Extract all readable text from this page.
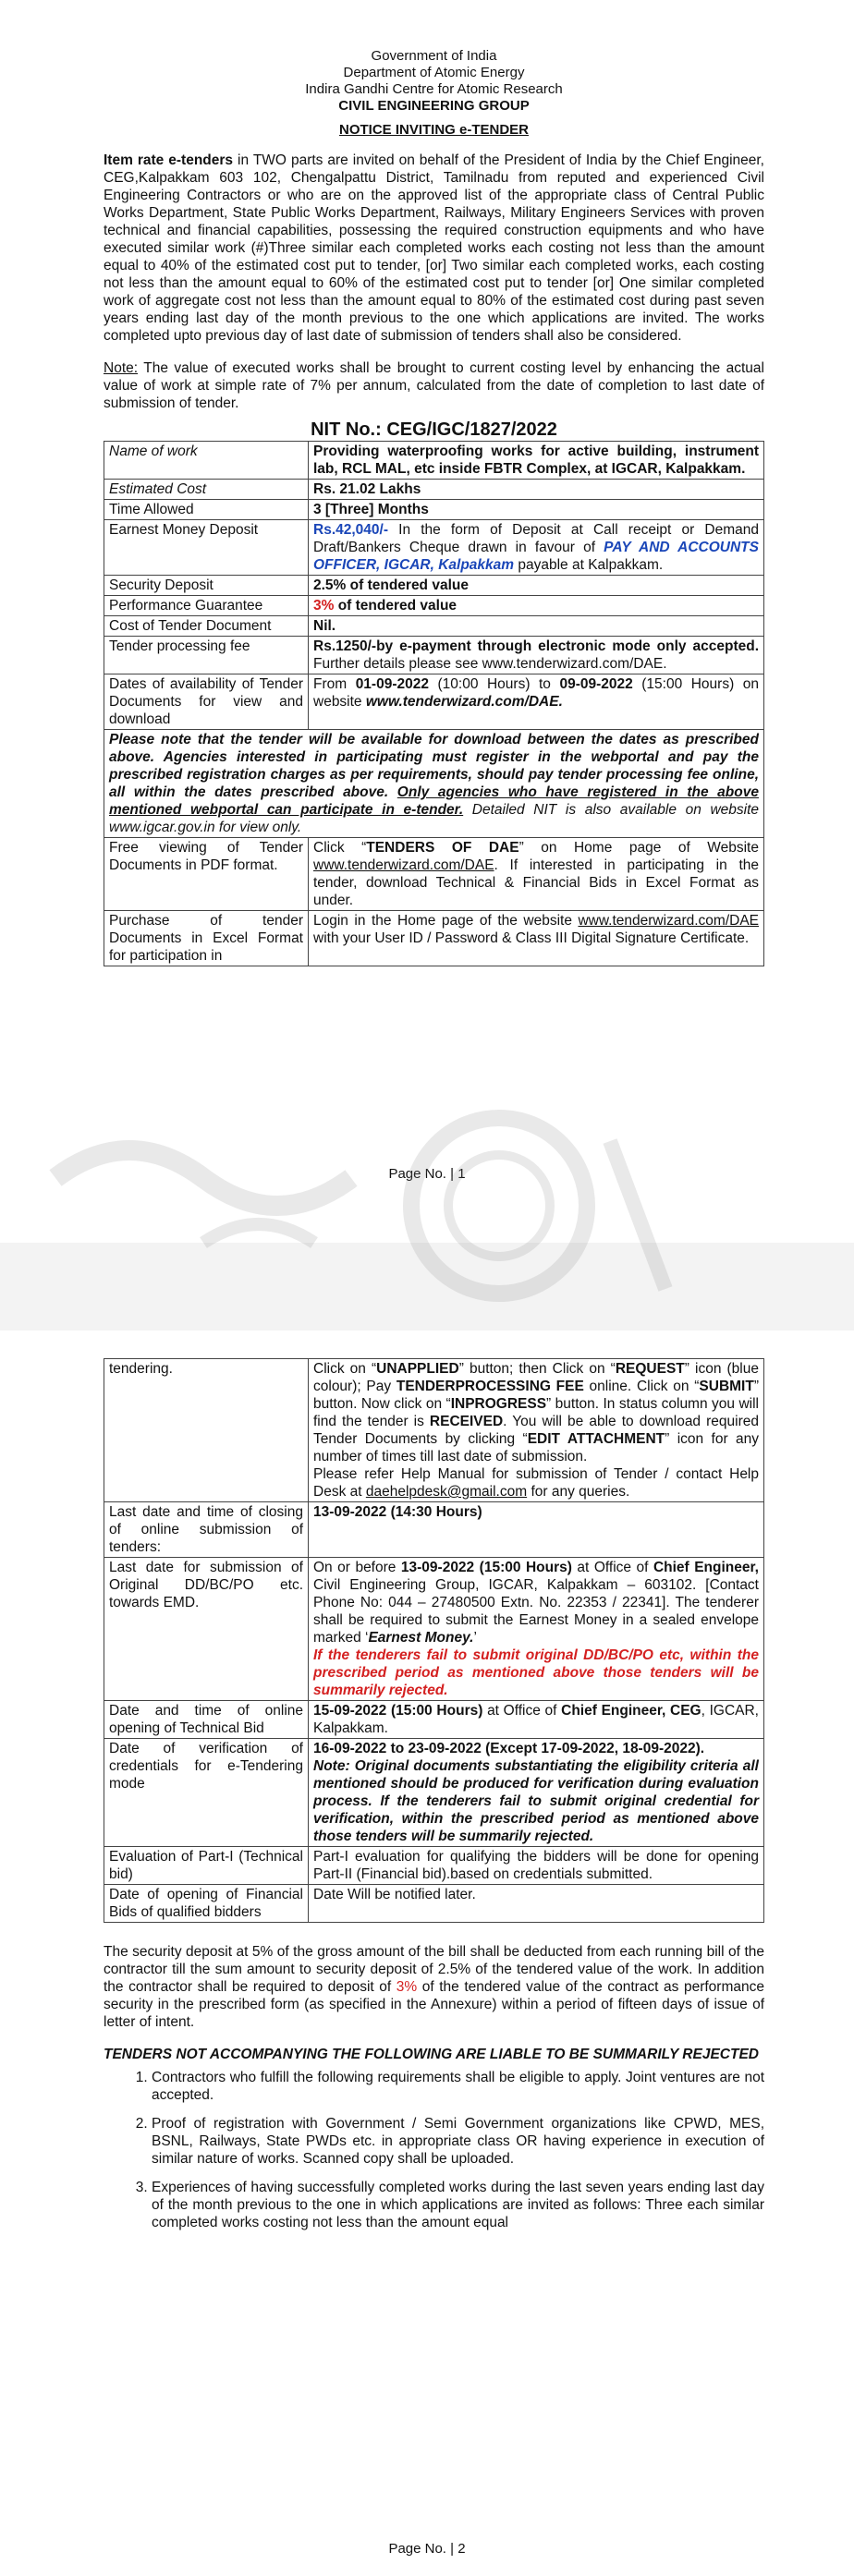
Government of India
Department of Atomic Energy
Indira Gandhi Centre for Atomic Research
CIVIL ENGINEERING GROUP
NOTICE INVITING e-TENDER

Item rate e-tenders in TWO parts are invited on behalf of the President of India by the Chief Engineer, CEG,Kalpakkam 603 102, Chengalpattu District, Tamilnadu from reputed and experienced Civil Engineering Contractors or who are on the approved list of the appropriate class of Central Public Works Department, State Public Works Department, Railways, Military Engineers Services with proven technical and financial capabilities, possessing the required construction equipments and who have executed similar work (#)Three similar each completed works each costing not less than the amount equal to 40% of the estimated cost put to tender, [or] Two similar each completed works, each costing not less than the amount equal to 60% of the estimated cost put to tender [or] One similar completed work of aggregate cost not less than the amount equal to 80% of the estimated cost during past seven years ending last day of the month previous to the one which applications are invited. The works completed upto previous day of last date of submission of tenders shall also be considered.

Note: The value of executed works shall be brought to current costing level by enhancing the actual value of work at simple rate of 7% per annum, calculated from the date of completion to last date of submission of tender.

NIT No.: CEG/IGC/1827/2022
Name of work	Providing waterproofing works for active building, instrument lab, RCL MAL, etc inside FBTR Complex, at IGCAR, Kalpakkam.
Estimated Cost	Rs. 21.02 Lakhs
Time Allowed	3 [Three] Months
Earnest Money Deposit	Rs.42,040/- In the form of Deposit at Call receipt or Demand Draft/Bankers Cheque drawn in favour of PAY AND ACCOUNTS OFFICER, IGCAR, Kalpakkam payable at Kalpakkam.
Security Deposit	2.5% of tendered value
Performance Guarantee	3% of tendered value
Cost of Tender Document	Nil.
Tender processing fee	Rs.1250/-by e-payment through electronic mode only accepted. Further details please see www.tenderwizard.com/DAE.
Dates of availability of Tender Documents for view and download	From 01-09-2022 (10:00 Hours) to 09-09-2022 (15:00 Hours) on website www.tenderwizard.com/DAE.
Please note that the tender will be available for download between the dates as prescribed above. Agencies interested in participating must register in the webportal and pay the prescribed registration charges as per requirements, should pay tender processing fee online, all within the dates prescribed above. Only agencies who have registered in the above mentioned webportal can participate in e-tender. Detailed NIT is also available on website www.igcar.gov.in for view only.	
Free viewing of Tender Documents in PDF format.	Click “TENDERS OF DAE” on Home page of Website www.tenderwizard.com/DAE. If interested in participating in the tender, download Technical & Financial Bids in Excel Format as under.
Purchase of tender Documents in Excel Format for participation in	Login in the Home page of the website www.tenderwizard.com/DAE with your User ID / Password & Class III Digital Signature Certificate.
Page No. | 1
tendering.	Click on “UNAPPLIED” button; then Click on “REQUEST” icon (blue colour); Pay TENDERPROCESSING FEE online. Click on “SUBMIT” button. Now click on “INPROGRESS” button. In status column you will find the tender is RECEIVED. You will be able to download required Tender Documents by clicking “EDIT ATTACHMENT” icon for any number of times till last date of submission.
Please refer Help Manual for submission of Tender / contact Help Desk at daehelpdesk@gmail.com for any queries.

Last date and time of closing of online submission of tenders:	13-09-2022 (14:30 Hours)
Last date for submission of Original DD/BC/PO etc. towards EMD.	On or before 13-09-2022 (15:00 Hours) at Office of Chief Engineer, Civil Engineering Group, IGCAR, Kalpakkam – 603102. [Contact Phone No: 044 – 27480500 Extn. No. 22353 / 22341]. The tenderer shall be required to submit the Earnest Money in a sealed envelope marked ‘Earnest Money.’
If the tenderers fail to submit original DD/BC/PO etc, within the prescribed period as mentioned above those tenders will be summarily rejected.
Date and time of online opening of Technical Bid	15-09-2022 (15:00 Hours) at Office of Chief Engineer, CEG, IGCAR, Kalpakkam.
Date of verification of credentials for e-Tendering mode	16-09-2022 to 23-09-2022 (Except 17-09-2022, 18-09-2022).
Note: Original documents substantiating the eligibility criteria all mentioned should be produced for verification during evaluation process. If the tenderers fail to submit original credential for verification, within the prescribed period as mentioned above those tenders will be summarily rejected.
Evaluation of Part-I (Technical bid)	Part-I evaluation for qualifying the bidders will be done for opening Part-II (Financial bid).based on credentials submitted.
Date of opening of Financial Bids of qualified bidders	Date Will be notified later.

The security deposit at 5% of the gross amount of the bill shall be deducted from each running bill of the contractor till the sum amount to security deposit of 2.5% of the tendered value of the work. In addition the contractor shall be required to deposit of 3% of the tendered value of the contract as performance security in the prescribed form (as specified in the Annexure) within a period of fifteen days of issue of letter of intent.

TENDERS NOT ACCOMPANYING THE FOLLOWING ARE LIABLE TO BE SUMMARILY REJECTED

1. Contractors who fulfill the following requirements shall be eligible to apply. Joint ventures are not accepted.
2. Proof of registration with Government / Semi Government organizations like CPWD, MES, BSNL, Railways, State PWDs etc. in appropriate class OR having experience in execution of similar nature of works. Scanned copy shall be uploaded.
3. Experiences of having successfully completed works during the last seven years ending last day of the month previous to the one in which applications are invited as follows: Three each similar completed works costing not less than the amount equal
Page No. | 2
